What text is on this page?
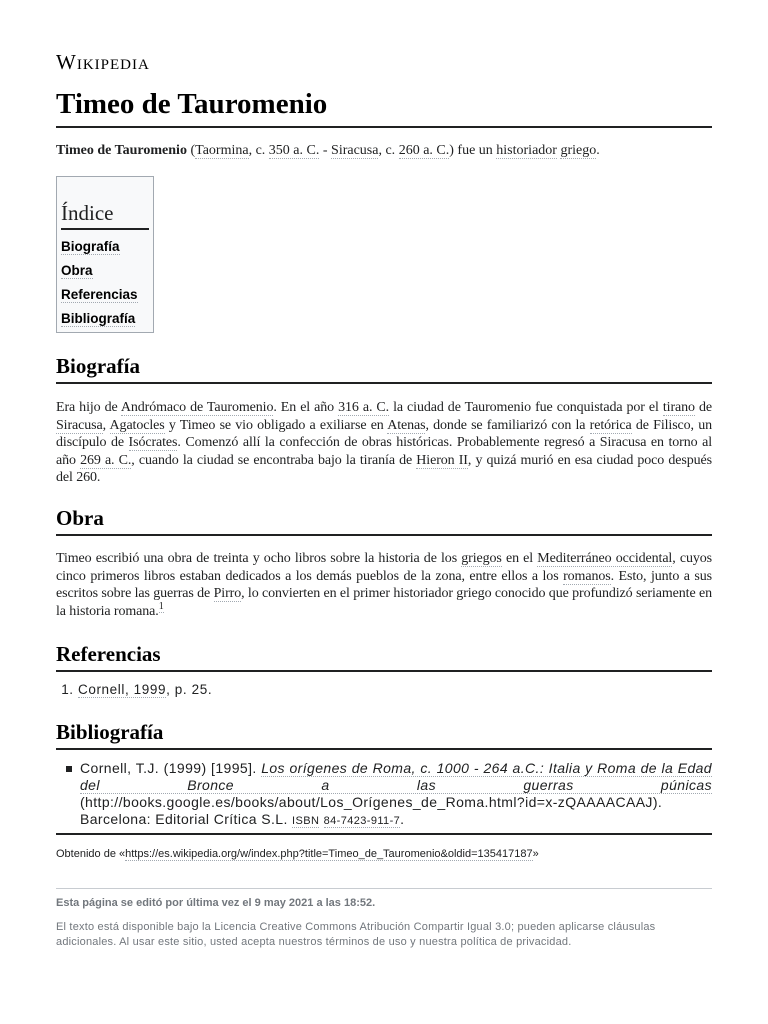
Wikipedia
Timeo de Tauromenio

Timeo de Tauromenio (Taormina, c. 350 a. C. - Siracusa, c. 260 a. C.) fue un historiador griego.

Índice
Biografía
Obra
Referencias
Bibliografía
Biografía

Era hijo de Andrómaco de Tauromenio. En el año 316 a. C. la ciudad de Tauromenio fue conquistada por el tirano de Siracusa, Agatocles y Timeo se vio obligado a exiliarse en Atenas, donde se familiarizó con la retórica de Filisco, un discípulo de Isócrates. Comenzó allí la confección de obras históricas. Probablemente regresó a Siracusa en torno al año 269 a. C., cuando la ciudad se encontraba bajo la tiranía de Hieron II, y quizá murió en esa ciudad poco después del 260.

Obra

Timeo escribió una obra de treinta y ocho libros sobre la historia de los griegos en el Mediterráneo occidental, cuyos cinco primeros libros estaban dedicados a los demás pueblos de la zona, entre ellos a los romanos. Esto, junto a sus escritos sobre las guerras de Pirro, lo convierten en el primer historiador griego conocido que profundizó seriamente en la historia romana.$^1$

Referencias
1. Cornell, 1999, p. 25.
Bibliografía
Cornell, T.J. (1999) [1995]. Los orígenes de Roma, c. 1000 - 264 a.C.: Italia y Roma de la Edad del Bronce a las guerras púnicas (http://books.google.es/books/about/Los_Orígenes_de_Roma.html?id=x-zQAAAACAAJ). Barcelona: Editorial Crítica S.L. ISBN 84-7423-911-7.
Obtenido de «https://es.wikipedia.org/w/index.php?title=Timeo_de_Tauromenio&oldid=135417187»
Esta página se editó por última vez el 9 may 2021 a las 18:52.
El texto está disponible bajo la Licencia Creative Commons Atribución Compartir Igual 3.0; pueden aplicarse cláusulas adicionales. Al usar este sitio, usted acepta nuestros términos de uso y nuestra política de privacidad.
